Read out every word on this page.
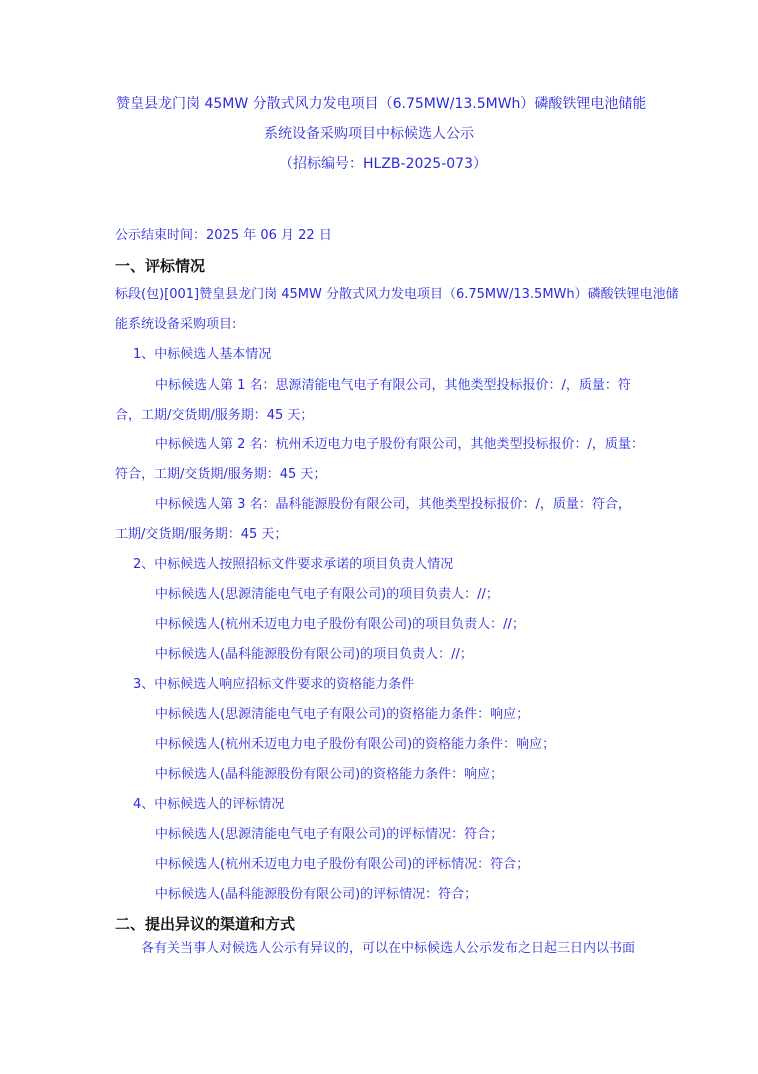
赞皇县龙门岗 45MW 分散式风力发电项目（6.75MW/13.5MWh）磷酸铁锂电池储能
系统设备采购项目中标候选人公示
（招标编号：HLZB-2025-073）
公示结束时间：2025 年 06 月 22 日
一、评标情况
标段(包)[001]赞皇县龙门岗 45MW 分散式风力发电项目（6.75MW/13.5MWh）磷酸铁锂电池储
能系统设备采购项目:
1、中标候选人基本情况
中标候选人第 1 名：思源清能电气电子有限公司，其他类型投标报价：/，质量：符
合，工期/交货期/服务期：45 天；
中标候选人第 2 名：杭州禾迈电力电子股份有限公司，其他类型投标报价：/，质量：
符合，工期/交货期/服务期：45 天；
中标候选人第 3 名：晶科能源股份有限公司，其他类型投标报价：/，质量：符合，
工期/交货期/服务期：45 天；
2、中标候选人按照招标文件要求承诺的项目负责人情况
中标候选人(思源清能电气电子有限公司)的项目负责人：//；
中标候选人(杭州禾迈电力电子股份有限公司)的项目负责人：//；
中标候选人(晶科能源股份有限公司)的项目负责人：//；
3、中标候选人响应招标文件要求的资格能力条件
中标候选人(思源清能电气电子有限公司)的资格能力条件：响应；
中标候选人(杭州禾迈电力电子股份有限公司)的资格能力条件：响应；
中标候选人(晶科能源股份有限公司)的资格能力条件：响应；
4、中标候选人的评标情况
中标候选人(思源清能电气电子有限公司)的评标情况：符合；
中标候选人(杭州禾迈电力电子股份有限公司)的评标情况：符合；
中标候选人(晶科能源股份有限公司)的评标情况：符合；
二、提出异议的渠道和方式
各有关当事人对候选人公示有异议的，可以在中标候选人公示发布之日起三日内以书面
